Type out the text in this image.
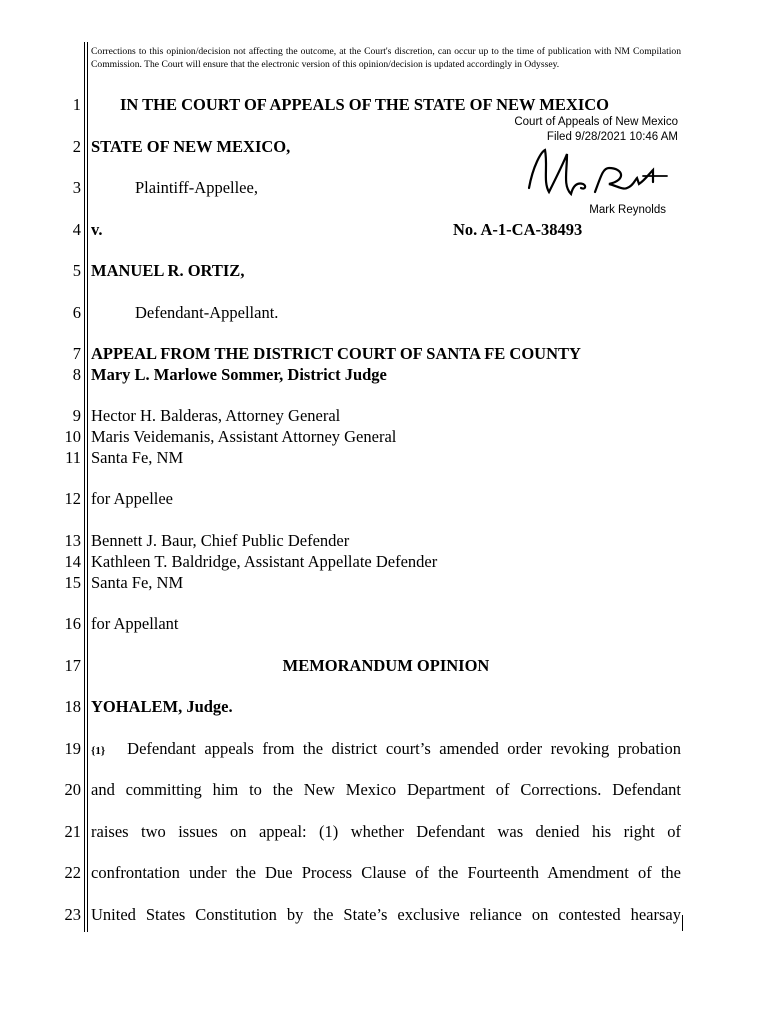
Corrections to this opinion/decision not affecting the outcome, at the Court's discretion, can occur up to the time of publication with NM Compilation Commission. The Court will ensure that the electronic version of this opinion/decision is updated accordingly in Odyssey.
1
2
3
4
5
6
7
8
9
10
11
12
13
14
15
16
17
18
19
20
21
22
23
IN THE COURT OF APPEALS OF THE STATE OF NEW MEXICO
Court of Appeals of New Mexico
Filed 9/28/2021 10:46 AM
Mark Reynolds
STATE OF NEW MEXICO,
Plaintiff-Appellee,
v.	No. A-1-CA-38493
MANUEL R. ORTIZ,
Defendant-Appellant.
APPEAL FROM THE DISTRICT COURT OF SANTA FE COUNTY
Mary L. Marlowe Sommer, District Judge
Hector H. Balderas, Attorney General
Maris Veidemanis, Assistant Attorney General
Santa Fe, NM
for Appellee
Bennett J. Baur, Chief Public Defender
Kathleen T. Baldridge, Assistant Appellate Defender
Santa Fe, NM
for Appellant
MEMORANDUM OPINION
YOHALEM, Judge.
{1} Defendant appeals from the district court’s amended order revoking probation
and committing him to the New Mexico Department of Corrections. Defendant
raises two issues on appeal: (1) whether Defendant was denied his right of
confrontation under the Due Process Clause of the Fourteenth Amendment of the
United States Constitution by the State’s exclusive reliance on contested hearsay
